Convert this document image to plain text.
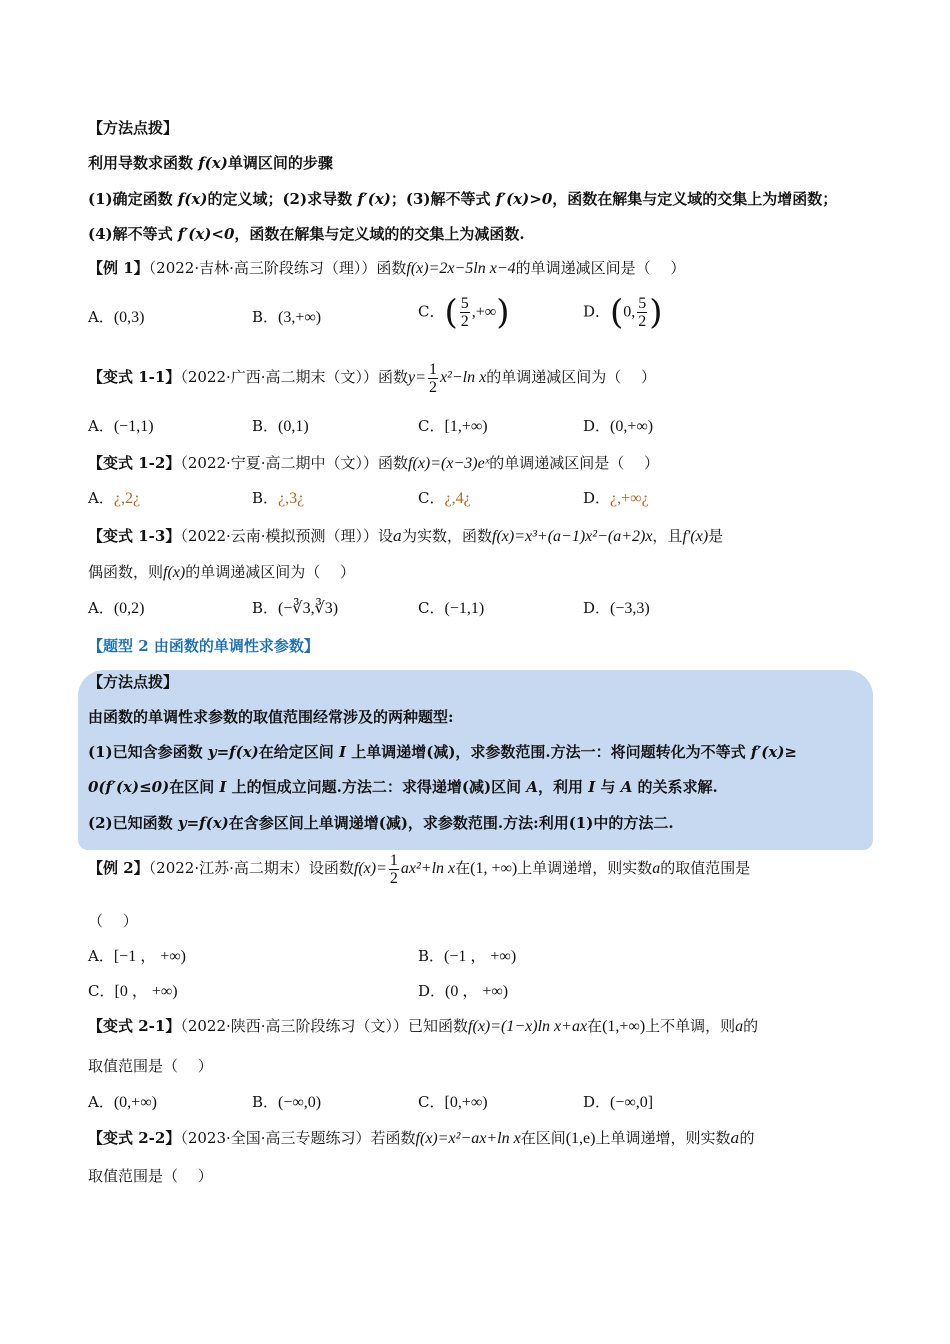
【方法点拨】
利用导数求函数 f(x)单调区间的步骤
(1)确定函数 f(x)的定义域；(2)求导数 f′(x)；(3)解不等式 f′(x)>0，函数在解集与定义域的交集上为增函数；
(4)解不等式 f′(x)<0，函数在解集与定义域的的交集上为减函数.
【例 1】（2022·吉林·高三阶段练习（理））函数f(x)=2x−5ln x−4的单调递减区间是（　 ）
A．(0,3)	B．(3,+∞)	C．( $\frac{5}{2}$ ,+∞)	D．(0, $\frac{5}{2}$ )
【变式 1-1】（2022·广西·高二期末（文））函数$y= \frac{1}{2} x^2-\ln$ x的单调递减区间为（　 ）
A．(−1,1)	B．(0,1)	C．[1,+∞)	D．(0,+∞)
【变式 1-2】（2022·宁夏·高二期中（文））函数f(x)=(x−3)eˣ的单调递减区间是（　 ）
A．¿,2¿	B．¿,3¿	C．¿,4¿	D．¿,+∞¿
【变式 1-3】（2022·云南·模拟预测（理））设a为实数，函数f(x)=x³+(a−1)x²−(a+2)x，且f′(x)是
偶函数，则f(x)的单调递减区间为（　 ）
A．(0,2)	B．(−∛3,∛3)	C．(−1,1)	D．(−3,3)
【题型 2 由函数的单调性求参数】
【方法点拨】
由函数的单调性求参数的取值范围经常涉及的两种题型:
(1)已知含参函数 y=f(x)在给定区间 I 上单调递增(减)，求参数范围.方法一：将问题转化为不等式 f′(x)≥
0(f′(x)≤0)在区间 I 上的恒成立问题.方法二：求得递增(减)区间 A，利用 I 与 A 的关系求解.
(2)已知函数 y=f(x)在含参区间上单调递增(减)，求参数范围.方法:利用(1)中的方法二.
【例 2】（2022·江苏·高二期末）设函数$f(x)= \frac{1}{2} ax^2+\ln$ x在(1, +∞)上单调递增，则实数a的取值范围是
（　 ）
A．[−1 ， +∞)	B．(−1 ， +∞)
C．[0 ， +∞)	D．(0 ， +∞)
【变式 2-1】（2022·陕西·高三阶段练习（文））已知函数f(x)=(1−x)ln x+ax在(1,+∞)上不单调，则a的
取值范围是（　 ）
A．(0,+∞)	B．(−∞,0)	C．[0,+∞)	D．(−∞,0]
【变式 2-2】（2023·全国·高三专题练习）若函数f(x)=x²−ax+ln x在区间(1,e)上单调递增，则实数a的
取值范围是（　 ）
